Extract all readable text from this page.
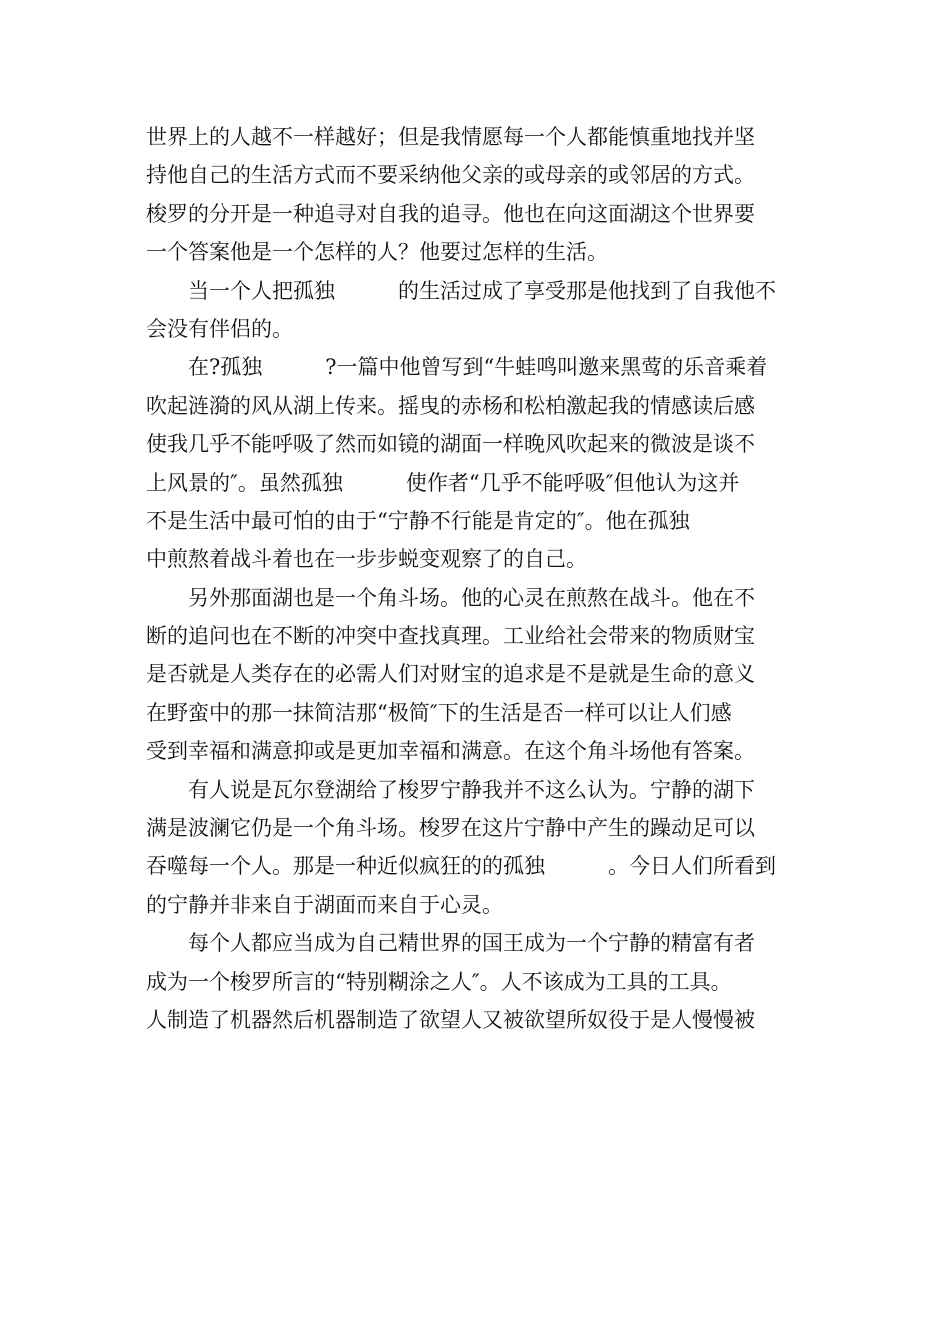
世界上的人越不一样越好；但是我情愿每一个人都能慎重地找并坚
持他自己的生活方式而不要采纳他父亲的或母亲的或邻居的方式。
梭罗的分开是一种追寻对自我的追寻。他也在向这面湖这个世界要
一个答案他是一个怎样的人？他要过怎样的生活。
　　当一个人把孤独　　　的生活过成了享受那是他找到了自我他不
会没有伴侣的。
　　在?孤独　　　?一篇中他曾写到“牛蛙鸣叫邀来黑莺的乐音乘着
吹起涟漪的风从湖上传来。摇曳的赤杨和松柏激起我的情感读后感
使我几乎不能呼吸了然而如镜的湖面一样晚风吹起来的微波是谈不
上风景的″。虽然孤独　　　使作者“几乎不能呼吸″但他认为这并
不是生活中最可怕的由于“宁静不行能是肯定的″。他在孤独
中煎熬着战斗着也在一步步蜕变观察了的自己。
　　另外那面湖也是一个角斗场。他的心灵在煎熬在战斗。他在不
断的追问也在不断的冲突中查找真理。工业给社会带来的物质财宝
是否就是人类存在的必需人们对财宝的追求是不是就是生命的意义
在野蛮中的那一抹简洁那“极简″下的生活是否一样可以让人们感
受到幸福和满意抑或是更加幸福和满意。在这个角斗场他有答案。
　　有人说是瓦尔登湖给了梭罗宁静我并不这么认为。宁静的湖下
满是波澜它仍是一个角斗场。梭罗在这片宁静中产生的躁动足可以
吞噬每一个人。那是一种近似疯狂的的孤独　　　。今日人们所看到
的宁静并非来自于湖面而来自于心灵。
　　每个人都应当成为自己精世界的国王成为一个宁静的精富有者
成为一个梭罗所言的“特别糊涂之人″。人不该成为工具的工具。
人制造了机器然后机器制造了欲望人又被欲望所奴役于是人慢慢被
